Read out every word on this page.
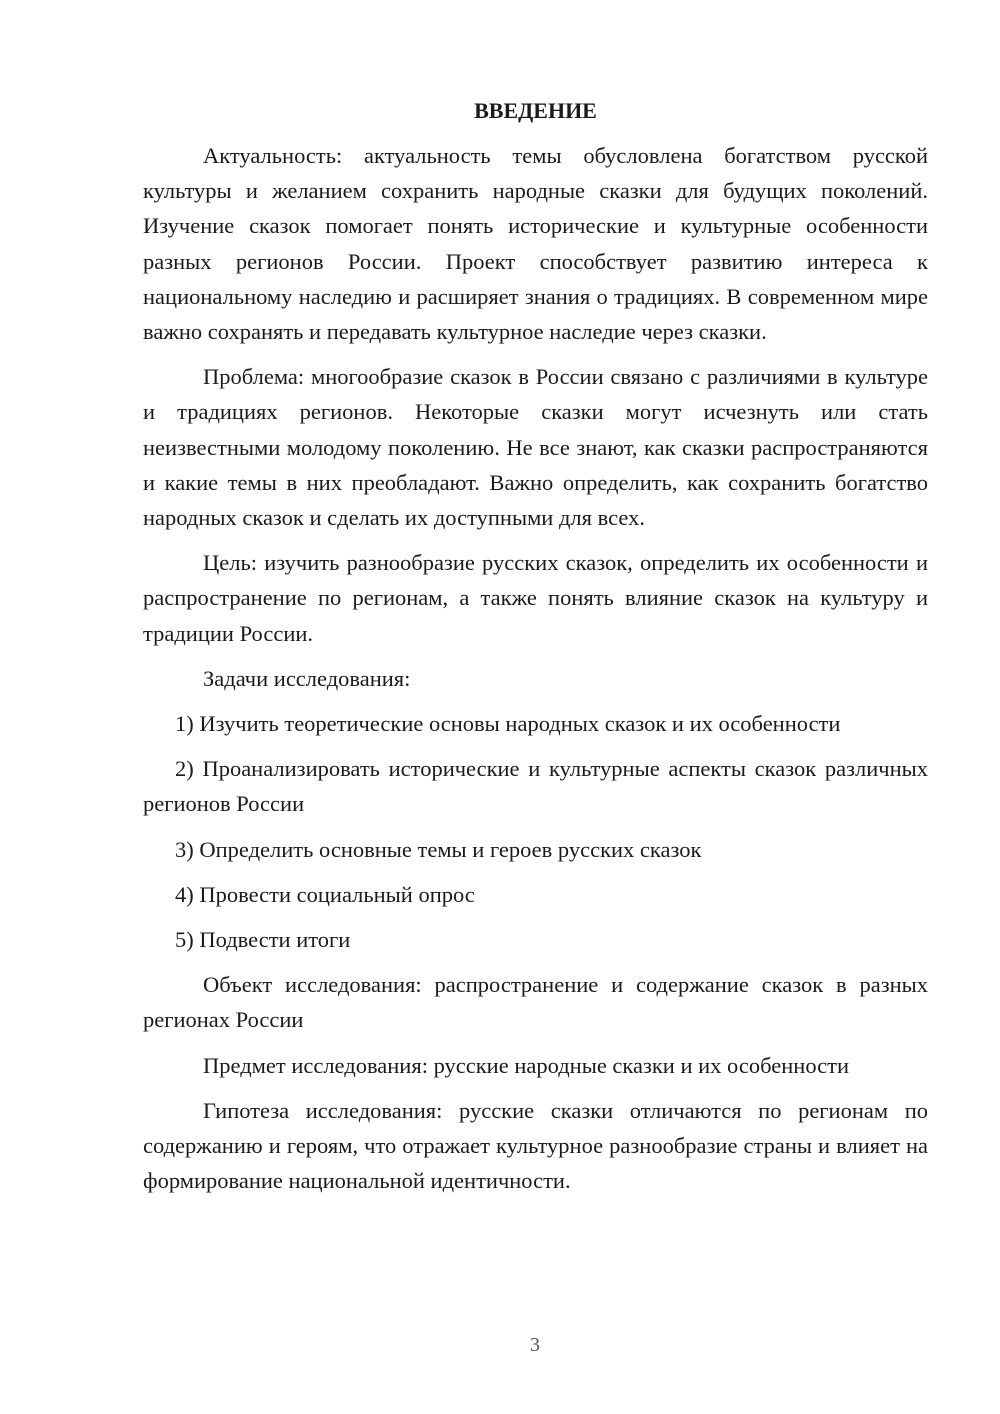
ВВЕДЕНИЕ

Актуальность: актуальность темы обусловлена богатством русской культуры и желанием сохранить народные сказки для будущих поколений. Изучение сказок помогает понять исторические и культурные особенности разных регионов России. Проект способствует развитию интереса к национальному наследию и расширяет знания о традициях. В современном мире важно сохранять и передавать культурное наследие через сказки.

Проблема: многообразие сказок в России связано с различиями в культуре и традициях регионов. Некоторые сказки могут исчезнуть или стать неизвестными молодому поколению. Не все знают, как сказки распространяются и какие темы в них преобладают. Важно определить, как сохранить богатство народных сказок и сделать их доступными для всех.

Цель: изучить разнообразие русских сказок, определить их особенности и распространение по регионам, а также понять влияние сказок на культуру и традиции России.

Задачи исследования:

1) Изучить теоретические основы народных сказок и их особенности

2) Проанализировать исторические и культурные аспекты сказок различных регионов России

3) Определить основные темы и героев русских сказок

4) Провести социальный опрос

5) Подвести итоги

Объект исследования: распространение и содержание сказок в разных регионах России

Предмет исследования: русские народные сказки и их особенности

Гипотеза исследования: русские сказки отличаются по регионам по содержанию и героям, что отражает культурное разнообразие страны и влияет на формирование национальной идентичности.

3
